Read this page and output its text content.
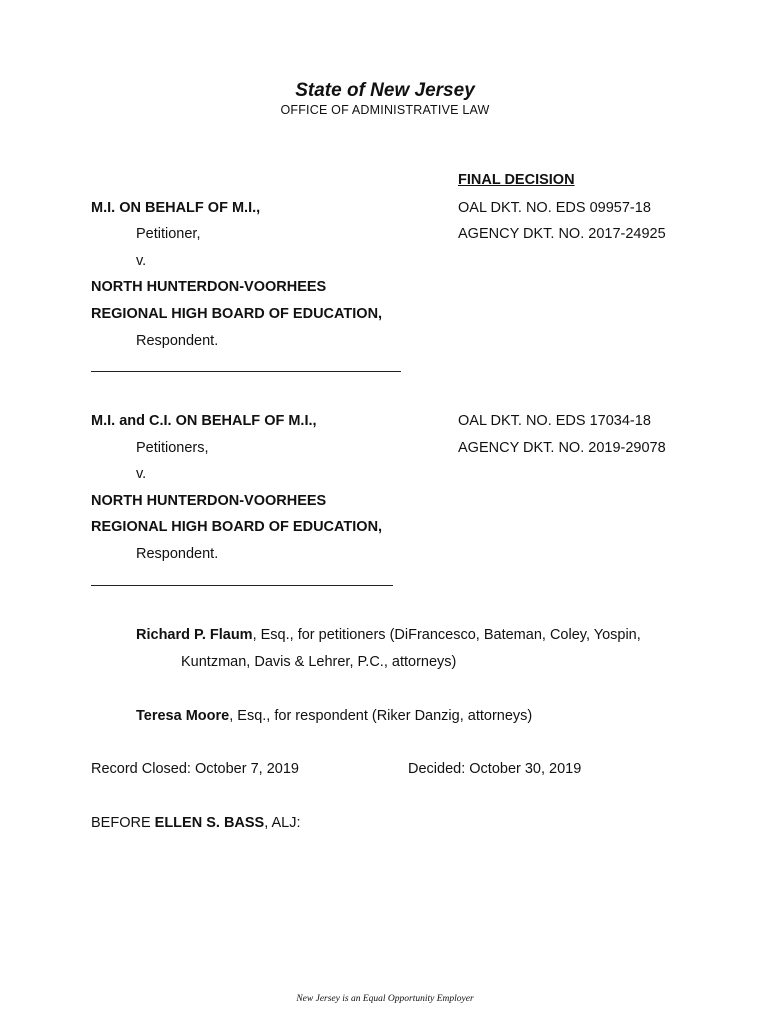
State of New Jersey
OFFICE OF ADMINISTRATIVE LAW
FINAL DECISION
M.I. ON BEHALF OF M.I.,
Petitioner,
v.
NORTH HUNTERDON-VOORHEES
REGIONAL HIGH BOARD OF EDUCATION,
Respondent.
OAL DKT. NO. EDS 09957-18
AGENCY DKT. NO. 2017-24925
M.I. and C.I. ON BEHALF OF M.I.,
Petitioners,
v.
NORTH HUNTERDON-VOORHEES
REGIONAL HIGH BOARD OF EDUCATION,
Respondent.
OAL DKT. NO. EDS 17034-18
AGENCY DKT. NO. 2019-29078
Richard P. Flaum, Esq., for petitioners (DiFrancesco, Bateman, Coley, Yospin,
Kuntzman, Davis & Lehrer, P.C., attorneys)
Teresa Moore, Esq., for respondent (Riker Danzig, attorneys)
Record Closed: October 7, 2019	Decided: October 30, 2019
BEFORE ELLEN S. BASS, ALJ:
New Jersey is an Equal Opportunity Employer
